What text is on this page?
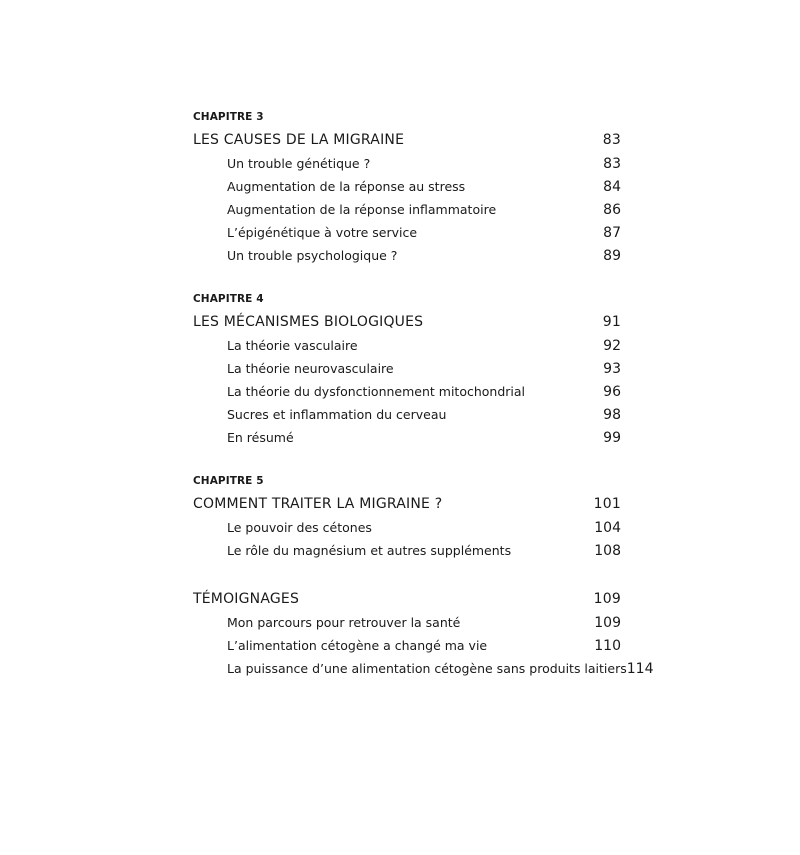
CHAPITRE 3
LES CAUSES DE LA MIGRAINE	83
Un trouble génétique ?	83
Augmentation de la réponse au stress	84
Augmentation de la réponse inflammatoire	86
L’épigénétique à votre service	87
Un trouble psychologique ?	89
CHAPITRE 4
LES MÉCANISMES BIOLOGIQUES	91
La théorie vasculaire	92
La théorie neurovasculaire	93
La théorie du dysfonctionnement mitochondrial	96
Sucres et inflammation du cerveau	98
En résumé	99
CHAPITRE 5
COMMENT TRAITER LA MIGRAINE ?	101
Le pouvoir des cétones	104
Le rôle du magnésium et autres suppléments	108
TÉMOIGNAGES	109
Mon parcours pour retrouver la santé	109
L’alimentation cétogène a changé ma vie	110
La puissance d’une alimentation cétogène sans produits laitiers 114
